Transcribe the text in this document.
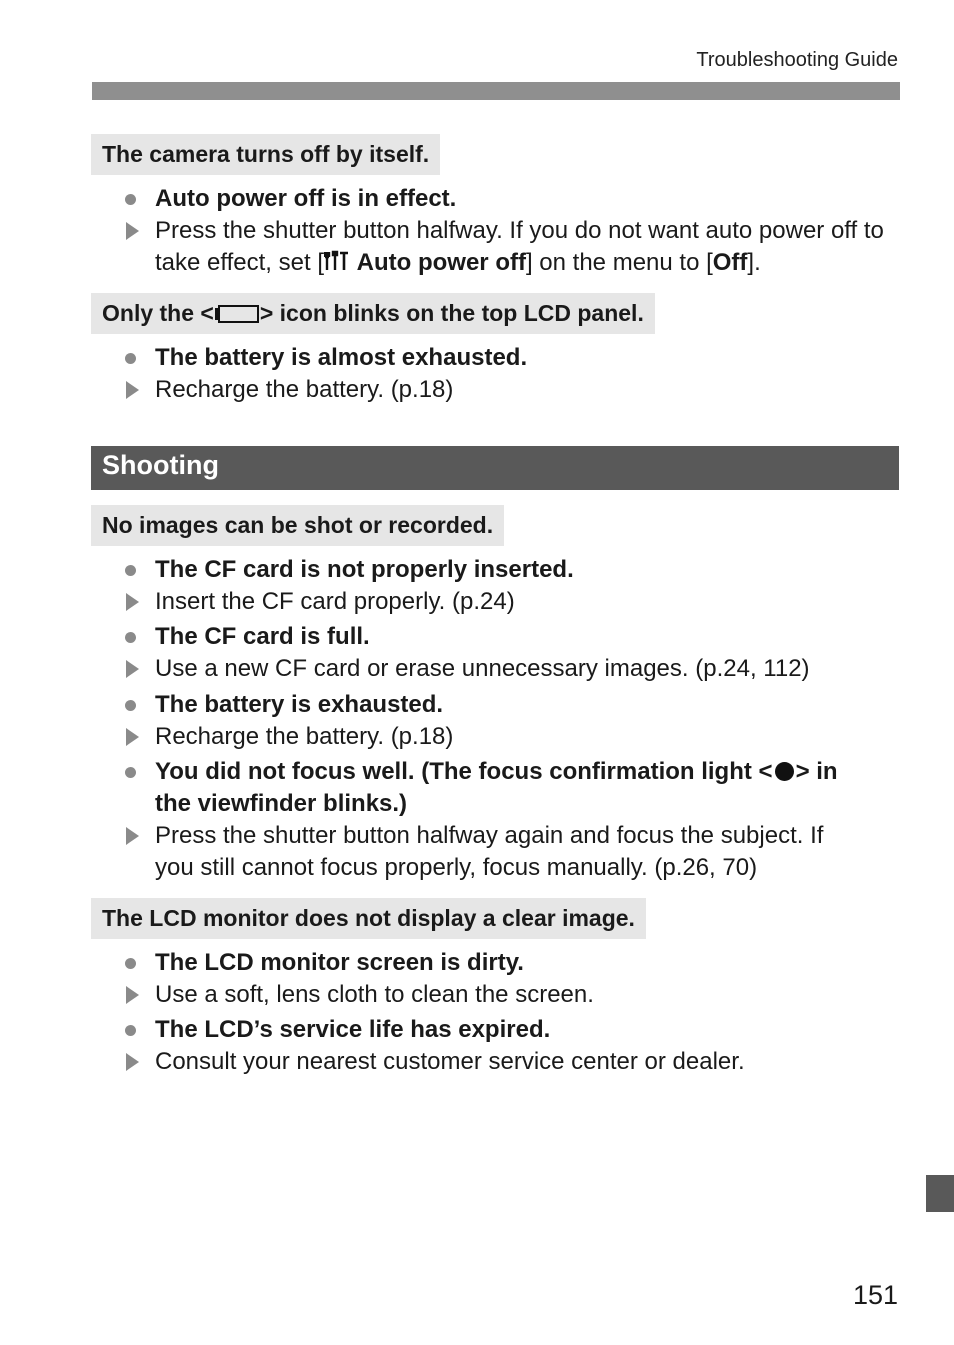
Troubleshooting Guide
The camera turns off by itself.
Auto power off is in effect.
Press the shutter button halfway. If you do not want auto power off to take effect, set [ Auto power off] on the menu to [Off].
Only the < > icon blinks on the top LCD panel.
The battery is almost exhausted.
Recharge the battery. (p.18)
Shooting
No images can be shot or recorded.
The CF card is not properly inserted.
Insert the CF card properly. (p.24)
The CF card is full.
Use a new CF card or erase unnecessary images. (p.24, 112)
The battery is exhausted.
Recharge the battery. (p.18)
You did not focus well. (The focus confirmation light < > in
the viewfinder blinks.)
Press the shutter button halfway again and focus the subject. If
you still cannot focus properly, focus manually. (p.26, 70)
The LCD monitor does not display a clear image.
The LCD monitor screen is dirty.
Use a soft, lens cloth to clean the screen.
The LCD’s service life has expired.
Consult your nearest customer service center or dealer.
151
